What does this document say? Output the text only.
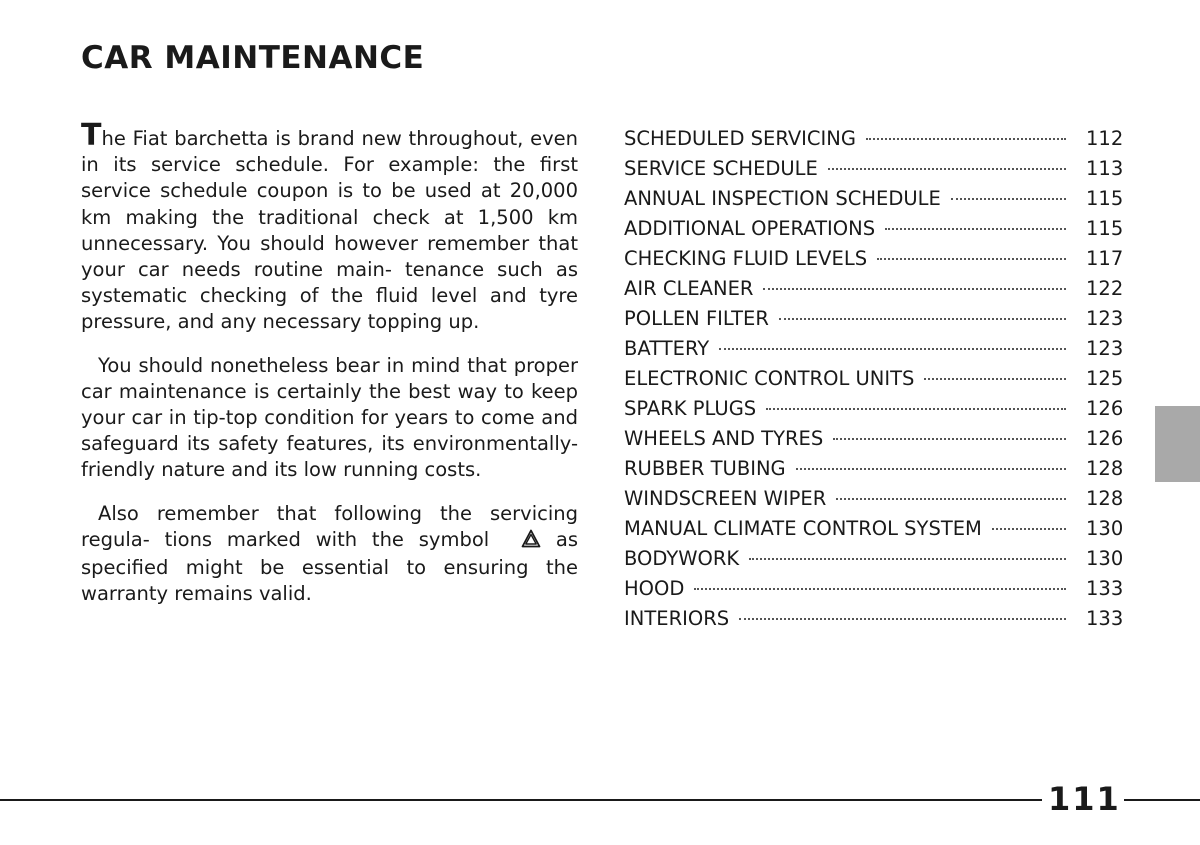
CAR MAINTENANCE

The Fiat barchetta is brand new throughout, even in its service schedule. For example: the first service schedule coupon is to be used at 20,000 km making the traditional check at 1,500 km unnecessary. You should however remember that your car needs routine main- tenance such as systematic checking of the fluid level and tyre pressure, and any necessary topping up.

You should nonetheless bear in mind that proper car maintenance is certainly the best way to keep your car in tip-top condition for years to come and safeguard its safety features, its environmentally-friendly nature and its low running costs.

Also remember that following the servicing regula- tions marked with the symbol	as specified might be essential to ensuring the warranty remains valid.

SCHEDULED SERVICING	112
SERVICE SCHEDULE	113
ANNUAL INSPECTION SCHEDULE	115
ADDITIONAL OPERATIONS	115
CHECKING FLUID LEVELS	117
AIR CLEANER	122
POLLEN FILTER	123
BATTERY	123
ELECTRONIC CONTROL UNITS	125
SPARK PLUGS	126
WHEELS AND TYRES	126
RUBBER TUBING	128
WINDSCREEN WIPER	128
MANUAL CLIMATE CONTROL SYSTEM	130
BODYWORK	130
HOOD	133
INTERIORS	133
111
